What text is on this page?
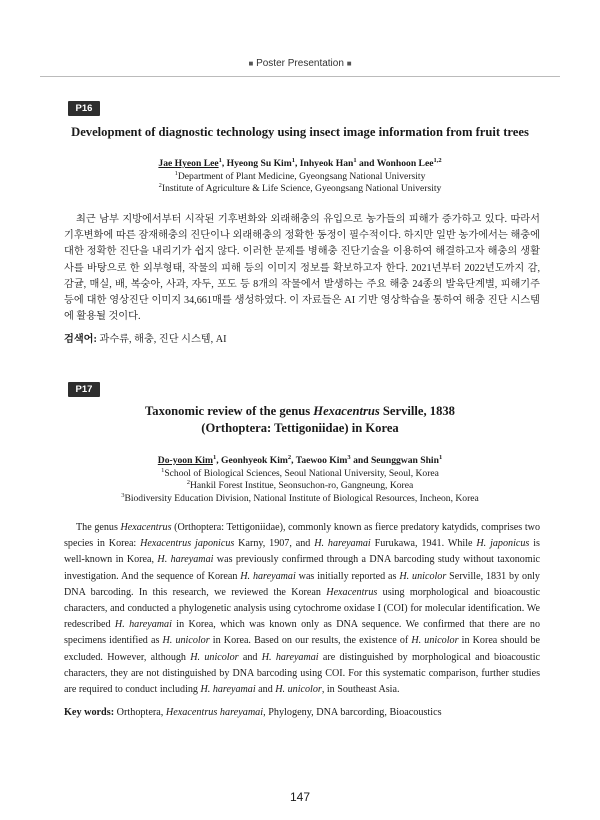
■ Poster Presentation ■
P16
Development of diagnostic technology using insect image information from fruit trees
Jae Hyeon Lee$^1$, Hyeong Su Kim$^1$, Inhyeok Han$^1$ and Wonhoon Lee$^{1,2}$
$^1$Department of Plant Medicine, Gyeongsang National University
$^2$Institute of Agriculture & Life Science, Gyeongsang National University
최근 남부 지방에서부터 시작된 기후변화와 외래해충의 유입으로 농가들의 피해가 증가하고 있다. 따라서 기후변화에 따른 잠재해충의 진단이나 외래해충의 정확한 동정이 필수적이다. 하지만 일반 농가에서는 해충에 대한 정확한 진단을 내리기가 쉽지 않다. 이러한 문제를 병해충 진단기술을 이용하여 해결하고자 해충의 생활사를 바탕으로 한 외부형태, 작물의 피해 등의 이미지 정보를 확보하고자 한다. 2021년부터 2022년도까지 감, 감귤, 매실, 배, 복숭아, 사과, 자두, 포도 등 8개의 작물에서 발생하는 주요 해충 24종의 발육단계별, 피해기주 등에 대한 영상진단 이미지 34,661매를 생성하였다. 이 자료들은 AI 기반 영상학습을 통하여 해충 진단 시스템에 활용될 것이다.
검색어: 과수류, 해충, 진단 시스템, AI
P17
Taxonomic review of the genus Hexacentrus Serville, 1838
(Orthoptera: Tettigoniidae) in Korea
Do-yoon Kim$^1$, Geonhyeok Kim$^2$, Taewoo Kim$^3$ and Seunggwan Shin$^1$
$^1$School of Biological Sciences, Seoul National University, Seoul, Korea
$^2$Hankil Forest Institue, Seonsuchon-ro, Gangneung, Korea
$^3$Biodiversity Education Division, National Institute of Biological Resources, Incheon, Korea
The genus Hexacentrus (Orthoptera: Tettigoniidae), commonly known as fierce predatory katydids, comprises two species in Korea: Hexacentrus japonicus Karny, 1907, and H. hareyamai Furukawa, 1941. While H. japonicus is well-known in Korea, H. hareyamai was previously confirmed through a DNA barcoding study without taxonomic investigation. And the sequence of Korean H. hareyamai was initially reported as H. unicolor Serville, 1831 by only DNA barcoding. In this research, we reviewed the Korean Hexacentrus using morphological and bioacoustic characters, and conducted a phylogenetic analysis using cytochrome oxidase I (COI) for molecular identification. We redescribed H. hareyamai in Korea, which was known only as DNA sequence. We confirmed that there are no specimens identified as H. unicolor in Korea. Based on our results, the existence of H. unicolor in Korea should be excluded. However, although H. unicolor and H. hareyamai are distinguished by morphological and bioacoustic characters, they are not distinguished by DNA barcoding using COI. For this systematic comparison, further studies are required to conduct including H. hareyamai and H. unicolor, in Southeast Asia.
Key words: Orthoptera, Hexacentrus hareyamai, Phylogeny, DNA barcording, Bioacoustics
147
